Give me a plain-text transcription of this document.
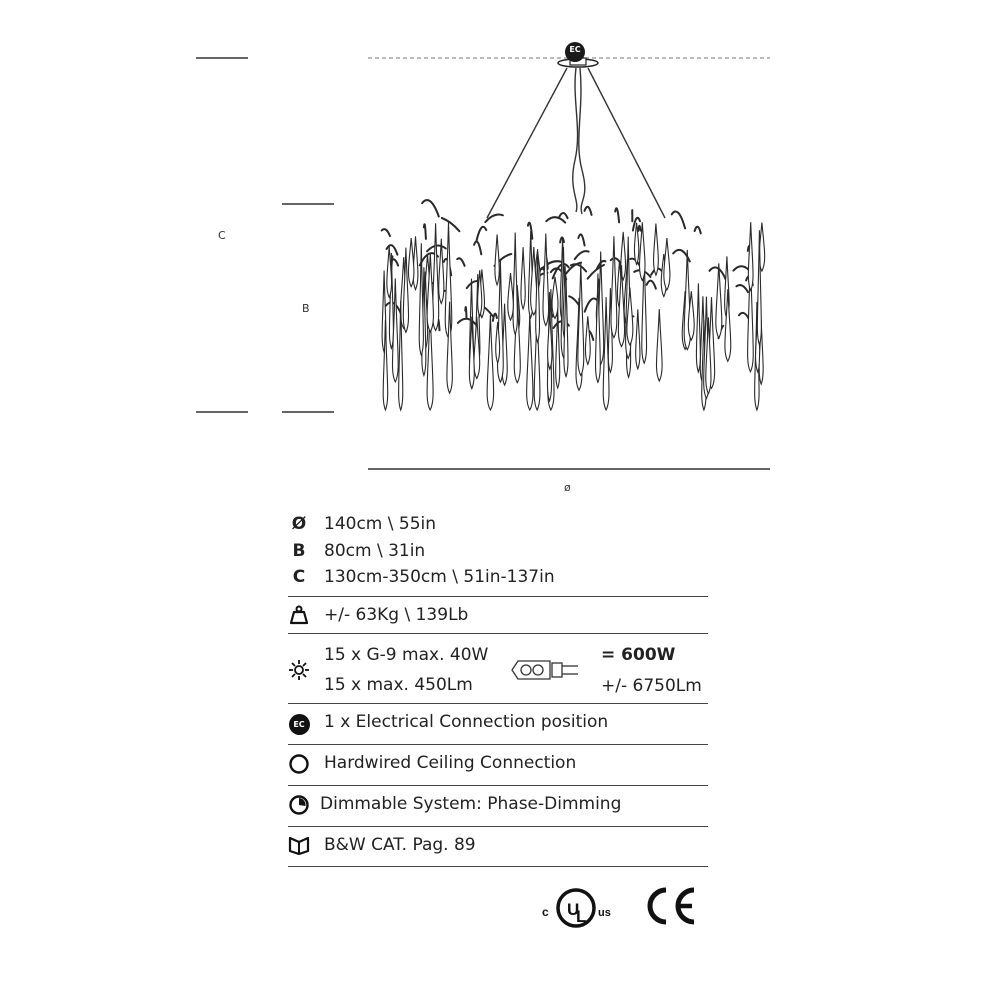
C
B
ø
EC
Ø 140cm \ 55in
B 80cm \ 31in
C 130cm-350cm \ 51in-137in
+/- 63Kg \ 139Lb
15 x G-9 max. 40W
15 x max. 450Lm
= 600W
+/- 6750Lm
EC	1 x Electrical Connection position
Hardwired Ceiling Connection
Dimmable System: Phase-Dimming
B&W CAT. Pag. 89
c U
L us
